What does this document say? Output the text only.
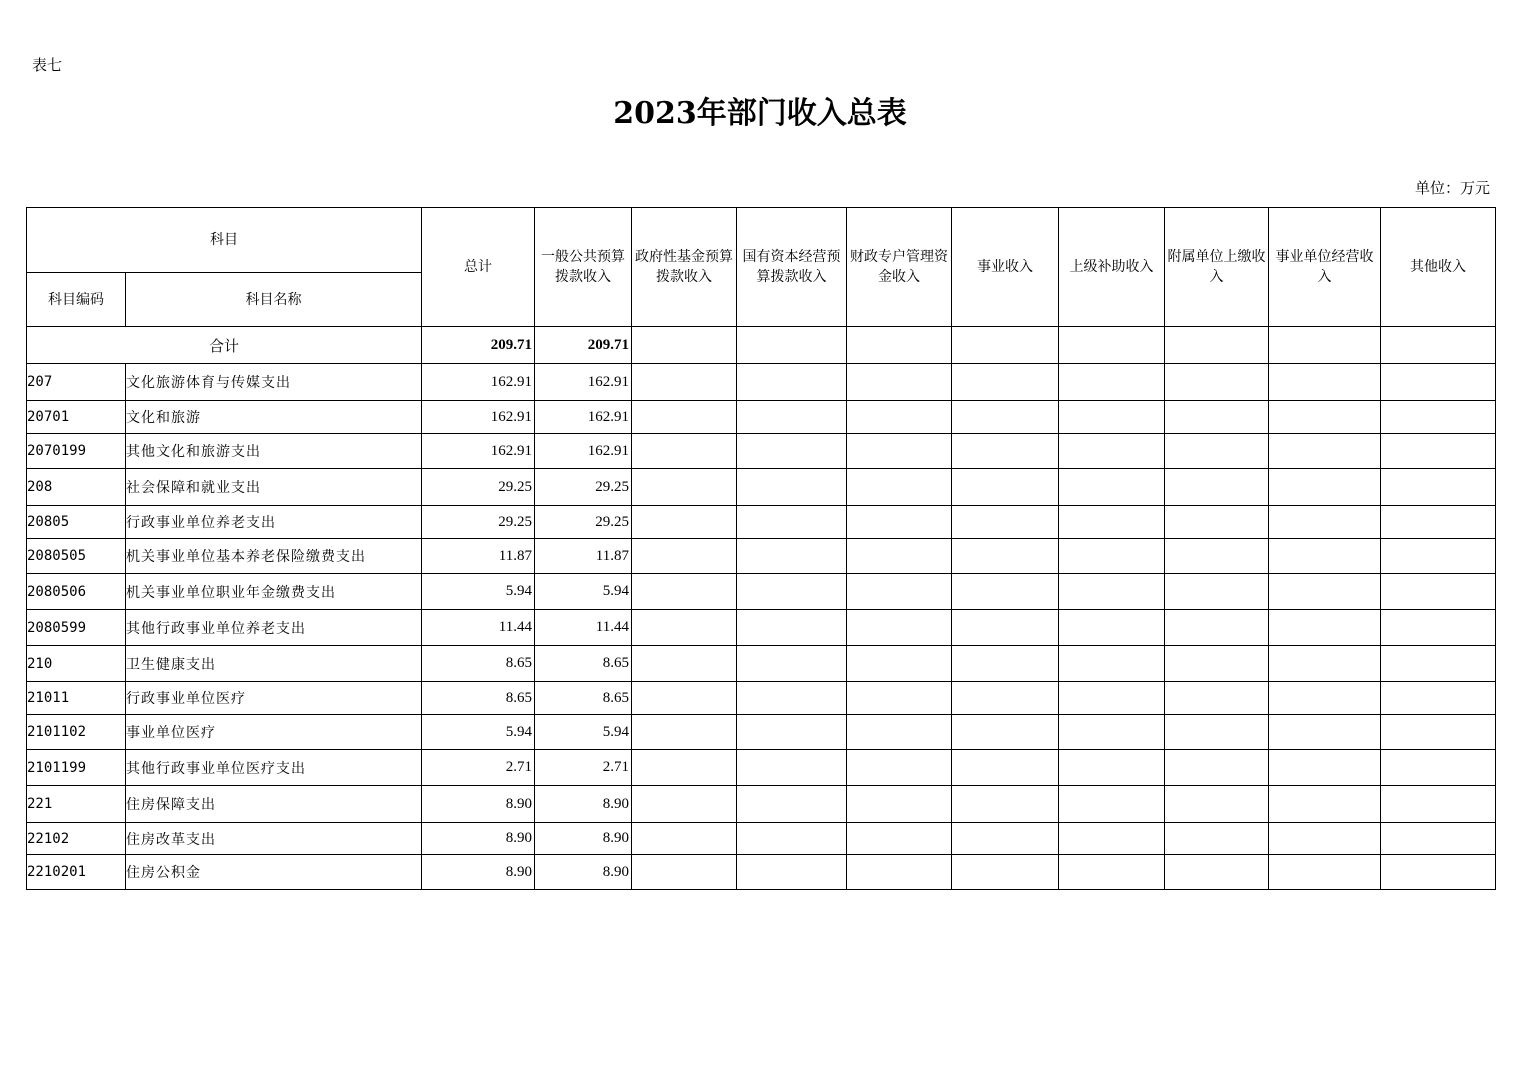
表七
2023年部门收入总表
单位：万元
科目		总计	一般公共预算拨款收入	政府性基金预算拨款收入	国有资本经营预算拨款收入	财政专户管理资金收入	事业收入	上级补助收入	附属单位上缴收入	事业单位经营收入	其他收入
科目编码	科目名称										
合计		209.71	209.71								
207	文化旅游体育与传媒支出	162.91	162.91								
20701	文化和旅游	162.91	162.91								
2070199	其他文化和旅游支出	162.91	162.91								
208	社会保障和就业支出	29.25	29.25								
20805	行政事业单位养老支出	29.25	29.25								
2080505	机关事业单位基本养老保险缴费支出	11.87	11.87								
2080506	机关事业单位职业年金缴费支出	5.94	5.94								
2080599	其他行政事业单位养老支出	11.44	11.44								
210	卫生健康支出	8.65	8.65								
21011	行政事业单位医疗	8.65	8.65								
2101102	事业单位医疗	5.94	5.94								
2101199	其他行政事业单位医疗支出	2.71	2.71								
221	住房保障支出	8.90	8.90								
22102	住房改革支出	8.90	8.90								
2210201	住房公积金	8.90	8.90								
